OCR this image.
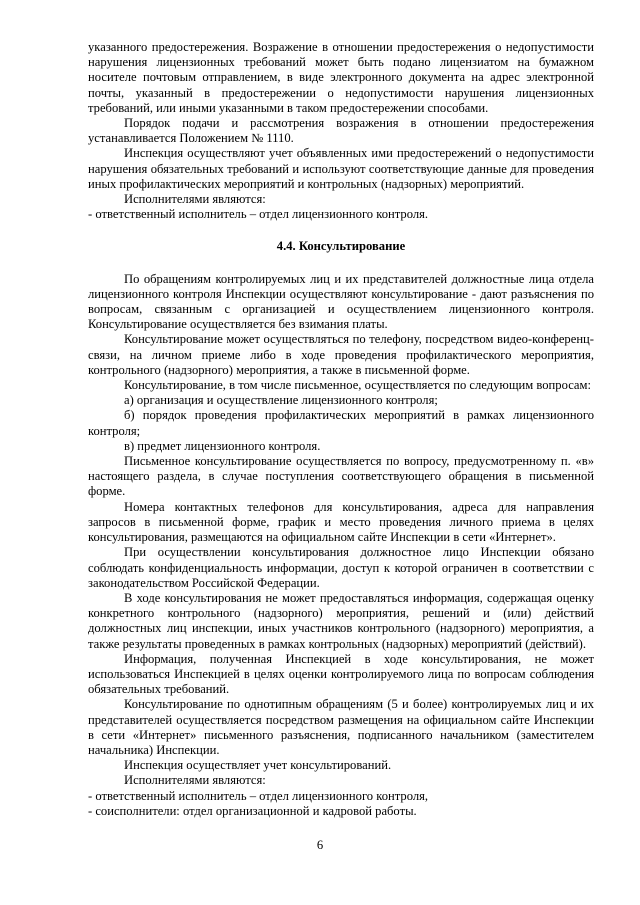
указанного предостережения. Возражение в отношении предостережения о недопустимости нарушения лицензионных требований может быть подано лицензиатом на бумажном носителе почтовым отправлением, в виде электронного документа на адрес электронной почты, указанный в предостережении о недопустимости нарушения лицензионных требований, или иными указанными в таком предостережении способами.

Порядок подачи и рассмотрения возражения в отношении предостережения устанавливается Положением № 1110.

Инспекция осуществляют учет объявленных ими предостережений о недопустимости нарушения обязательных требований и используют соответствующие данные для проведения иных профилактических мероприятий и контрольных (надзорных) мероприятий.

Исполнителями являются:

- ответственный исполнитель – отдел лицензионного контроля.

4.4. Консультирование

По обращениям контролируемых лиц и их представителей должностные лица отдела лицензионного контроля Инспекции осуществляют консультирование - дают разъяснения по вопросам, связанным с организацией и осуществлением лицензионного контроля. Консультирование осуществляется без взимания платы.

Консультирование может осуществляться по телефону, посредством видео-конференц-связи, на личном приеме либо в ходе проведения профилактического мероприятия, контрольного (надзорного) мероприятия, а также в письменной форме.

Консультирование, в том числе письменное, осуществляется по следующим вопросам:

а) организация и осуществление лицензионного контроля;

б) порядок проведения профилактических мероприятий в рамках лицензионного контроля;

в) предмет лицензионного контроля.

Письменное консультирование осуществляется по вопросу, предусмотренному п. «в» настоящего раздела, в случае поступления соответствующего обращения в письменной форме.

Номера контактных телефонов для консультирования, адреса для направления запросов в письменной форме, график и место проведения личного приема в целях консультирования, размещаются на официальном сайте Инспекции в сети «Интернет».

При осуществлении консультирования должностное лицо Инспекции обязано соблюдать конфиденциальность информации, доступ к которой ограничен в соответствии с законодательством Российской Федерации.

В ходе консультирования не может предоставляться информация, содержащая оценку конкретного контрольного (надзорного) мероприятия, решений и (или) действий должностных лиц инспекции, иных участников контрольного (надзорного) мероприятия, а также результаты проведенных в рамках контрольных (надзорных) мероприятий (действий).

Информация, полученная Инспекцией в ходе консультирования, не может использоваться Инспекцией в целях оценки контролируемого лица по вопросам соблюдения обязательных требований.

Консультирование по однотипным обращениям (5 и более) контролируемых лиц и их представителей осуществляется посредством размещения на официальном сайте Инспекции в сети «Интернет» письменного разъяснения, подписанного начальником (заместителем начальника) Инспекции.

Инспекция осуществляет учет консультирований.

Исполнителями являются:

- ответственный исполнитель – отдел лицензионного контроля,

- соисполнители: отдел организационной и кадровой работы.

6
